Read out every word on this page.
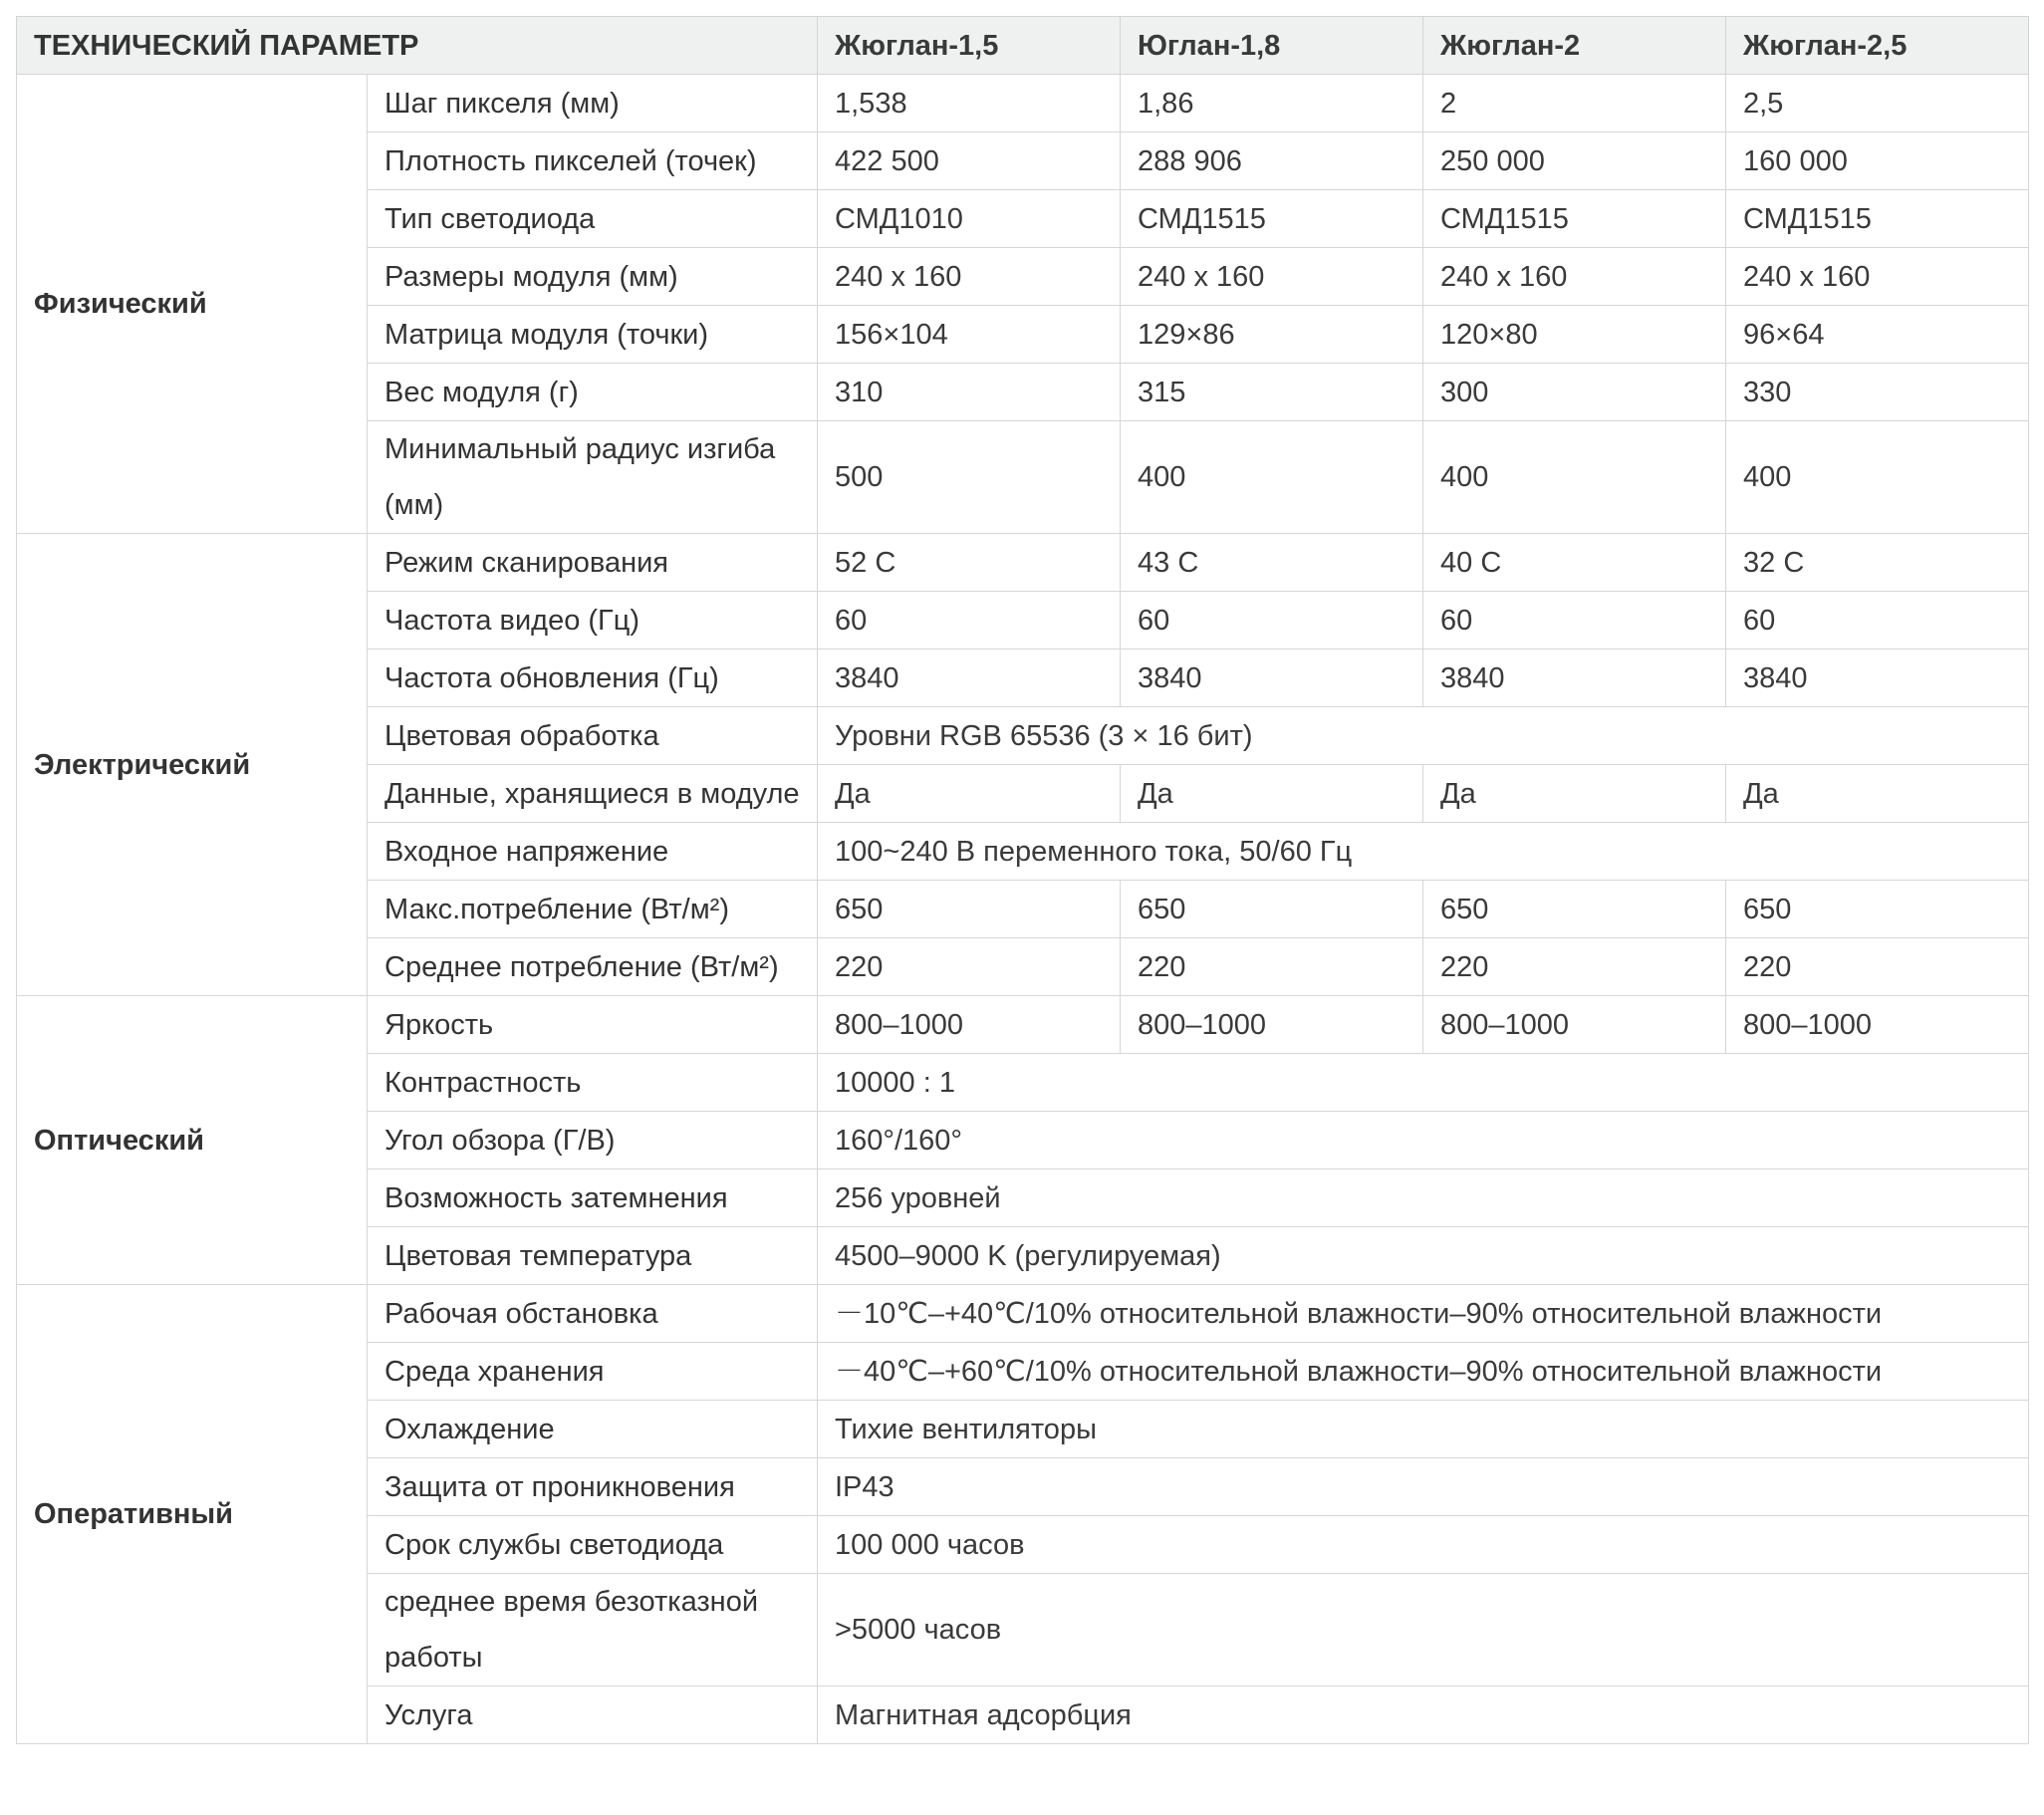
ТЕХНИЧЕСКИЙ ПАРАМЕТР		Жюглан-1,5	Юглан-1,8	Жюглан-2	Жюглан-2,5
Физический	Шаг пикселя (мм)	1,538	1,86	2	2,5
	Плотность пикселей (точек)	422 500	288 906	250 000	160 000
	Тип светодиода	СМД1010	СМД1515	СМД1515	СМД1515
	Размеры модуля (мм)	240 x 160	240 x 160	240 x 160	240 x 160
	Матрица модуля (точки)	156×104	129×86	120×80	96×64
	Вес модуля (г)	310	315	300	330
	Минимальный радиус изгиба (мм)	500	400	400	400
Электрический	Режим сканирования	52 С	43 С	40 С	32 С
	Частота видео (Гц)	60	60	60	60
	Частота обновления (Гц)	3840	3840	3840	3840
	Цветовая обработка	Уровни RGB 65536 (3 × 16 бит)			
	Данные, хранящиеся в модуле	Да	Да	Да	Да
	Входное напряжение	100~240 В переменного тока, 50/60 Гц			
	Макс.потребление (Вт/м²)	650	650	650	650
	Среднее потребление (Вт/м²)	220	220	220	220
Оптический	Яркость	800–1000	800–1000	800–1000	800–1000
	Контрастность	10000 : 1			
	Угол обзора (Г/В)	160°/160°			
	Возможность затемнения	256 уровней			
	Цветовая температура	4500–9000 K (регулируемая)			
Оперативный	Рабочая обстановка	－10℃–+40℃/10% относительной влажности–90% относительной влажности			
	Среда хранения	－40℃–+60℃/10% относительной влажности–90% относительной влажности			
	Охлаждение	Тихие вентиляторы			
	Защита от проникновения	IP43			
	Срок службы светодиода	100 000 часов			
	среднее время безотказной работы	>5000 часов			
	Услуга	Магнитная адсорбция			
